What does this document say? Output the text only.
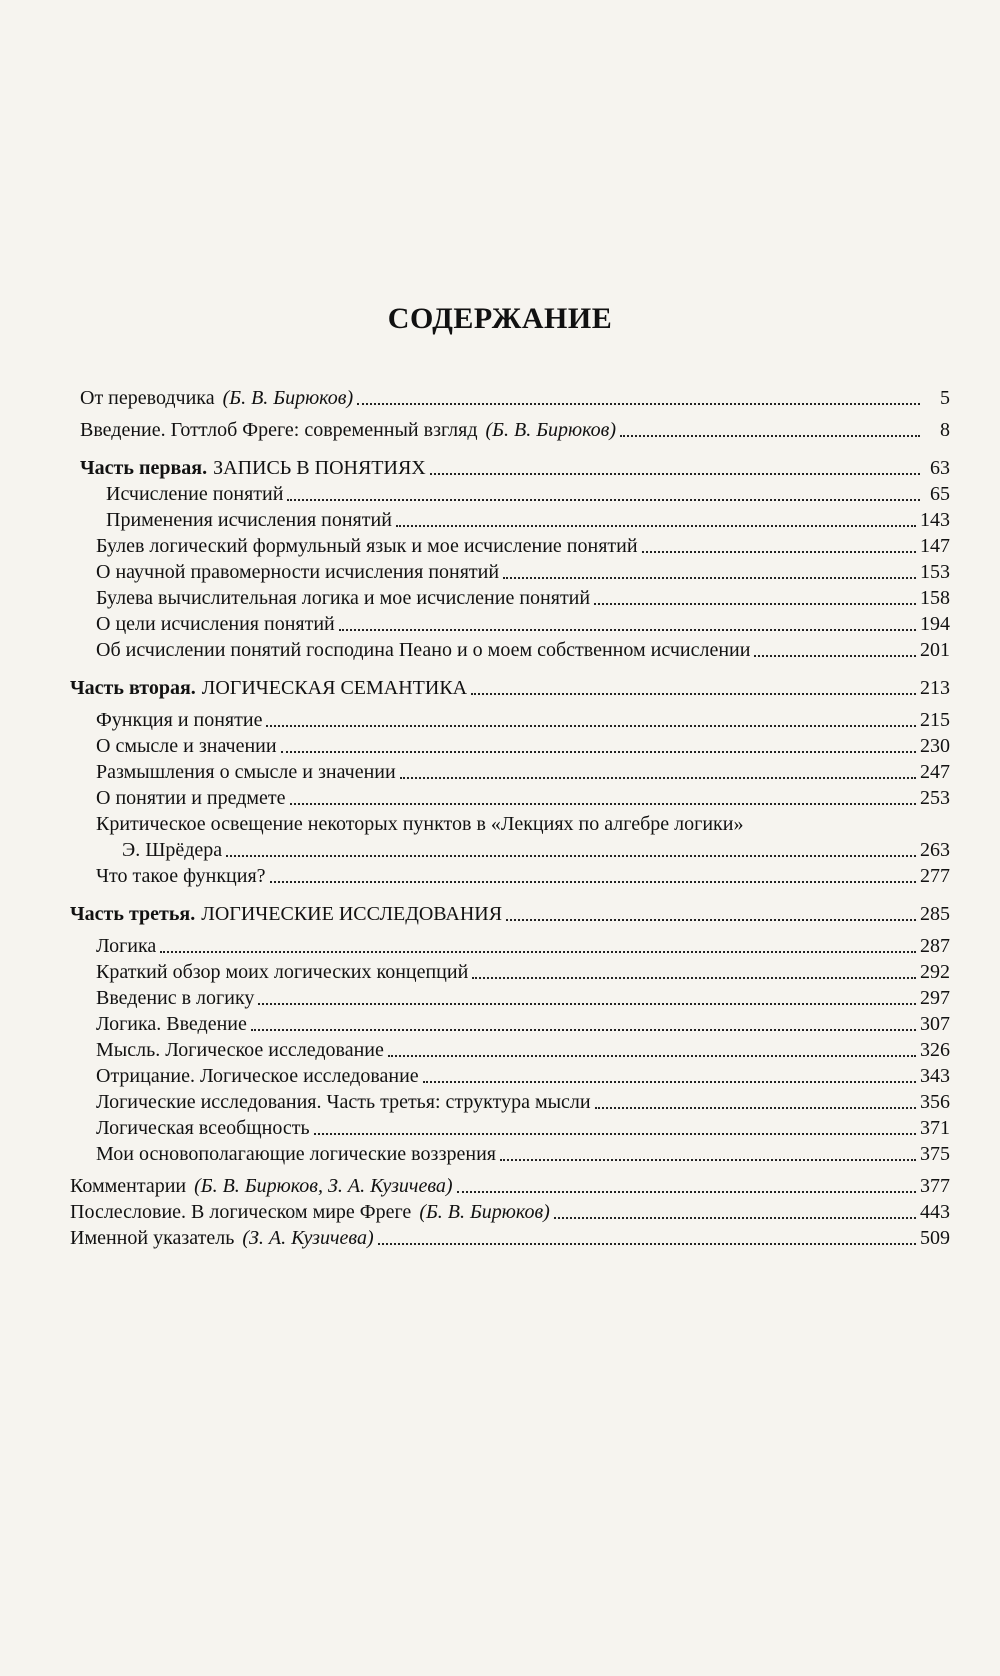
СОДЕРЖАНИЕ
От переводчика (Б. В. Бирюков)	5
Введение. Готтлоб Фреге: современный взгляд (Б. В. Бирюков)	8
Часть первая. ЗАПИСЬ В ПОНЯТИЯХ	63
Исчисление понятий	65
Применения исчисления понятий	143
Булев логический формульный язык и мое исчисление понятий	147
О научной правомерности исчисления понятий	153
Булева вычислительная логика и мое исчисление понятий	158
О цели исчисления понятий	194
Об исчислении понятий господина Пеано и о моем собственном исчислении	201
Часть вторая. ЛОГИЧЕСКАЯ СЕМАНТИКА	213
Функция и понятие	215
О смысле и значении	230
Размышления о смысле и значении	247
О понятии и предмете	253
Критическое освещение некоторых пунктов в «Лекциях по алгебре логики»
Э. Шрёдера	263
Что такое функция?	277
Часть третья. ЛОГИЧЕСКИЕ ИССЛЕДОВАНИЯ	285
Логика	287
Краткий обзор моих логических концепций	292
Введенис в логику	297
Логика. Введение	307
Мысль. Логическое исследование	326
Отрицание. Логическое исследование	343
Логические исследования. Часть третья: структура мысли	356
Логическая всеобщность	371
Мои основополагающие логические воззрения	375
Комментарии (Б. В. Бирюков, З. А. Кузичева)	377
Послесловие. В логическом мире Фреге (Б. В. Бирюков)	443
Именной указатель (З. А. Кузичева)	509
